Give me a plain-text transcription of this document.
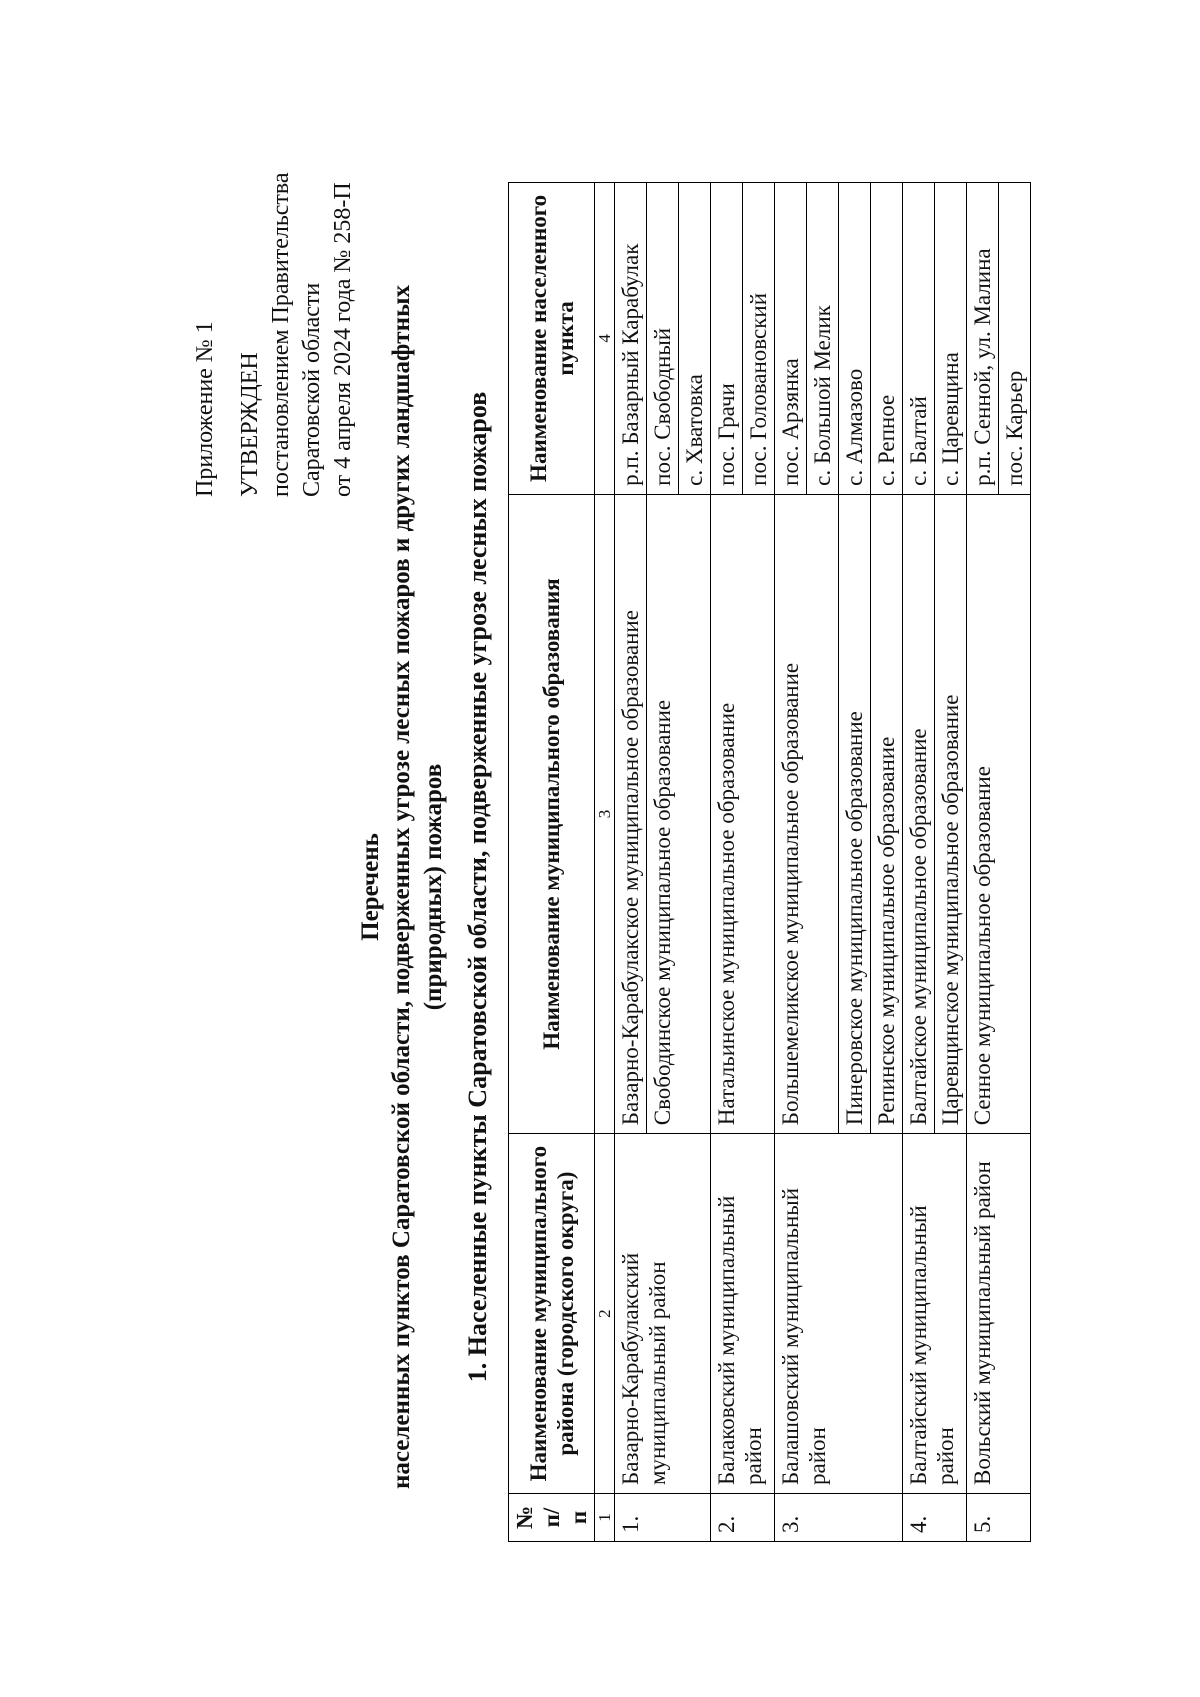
Приложение № 1 УТВЕРЖДЕН постановлением Правительства Саратовской области от 4 апреля 2024 года № 258-П
Перечень населенных пунктов Саратовской области, подверженных угрозе лесных пожаров и других ландшафтных (природных) пожаров 1. Населенные пункты Саратовской области, подверженные угрозе лесных пожаров
№ п/п	Наименование муниципального района (городского округа)	Наименование муниципального образования	Наименование населенного пункта
1	2	3	4
1.	Базарно-Карабулакский муниципальный район	Базарно-Карабулакское муниципальное образование	р.п. Базарный Карабулак
		Свободинское муниципальное образование	пос. Свободный
			с. Хватовка
2.	Балаковский муниципальный район	Натальинское муниципальное образование	пос. Грачи
			пос. Голованoвский
3.	Балашовский муниципальный район	Большемеликское муниципальное образование	пос. Арзянка
			с. Большой Мелик
		Пинеровское муниципальное образование	с. Алмазово
		Репинское муниципальное образование	с. Репное
4.	Балтайский муниципальный район	Балтайское муниципальное образование	с. Балтай
		Царевщинское муниципальное образование	с. Царевщина
5.	Вольский муниципальный район	Сенное муниципальное образование	р.п. Сенной, ул. Малина
			пос. Карьер
